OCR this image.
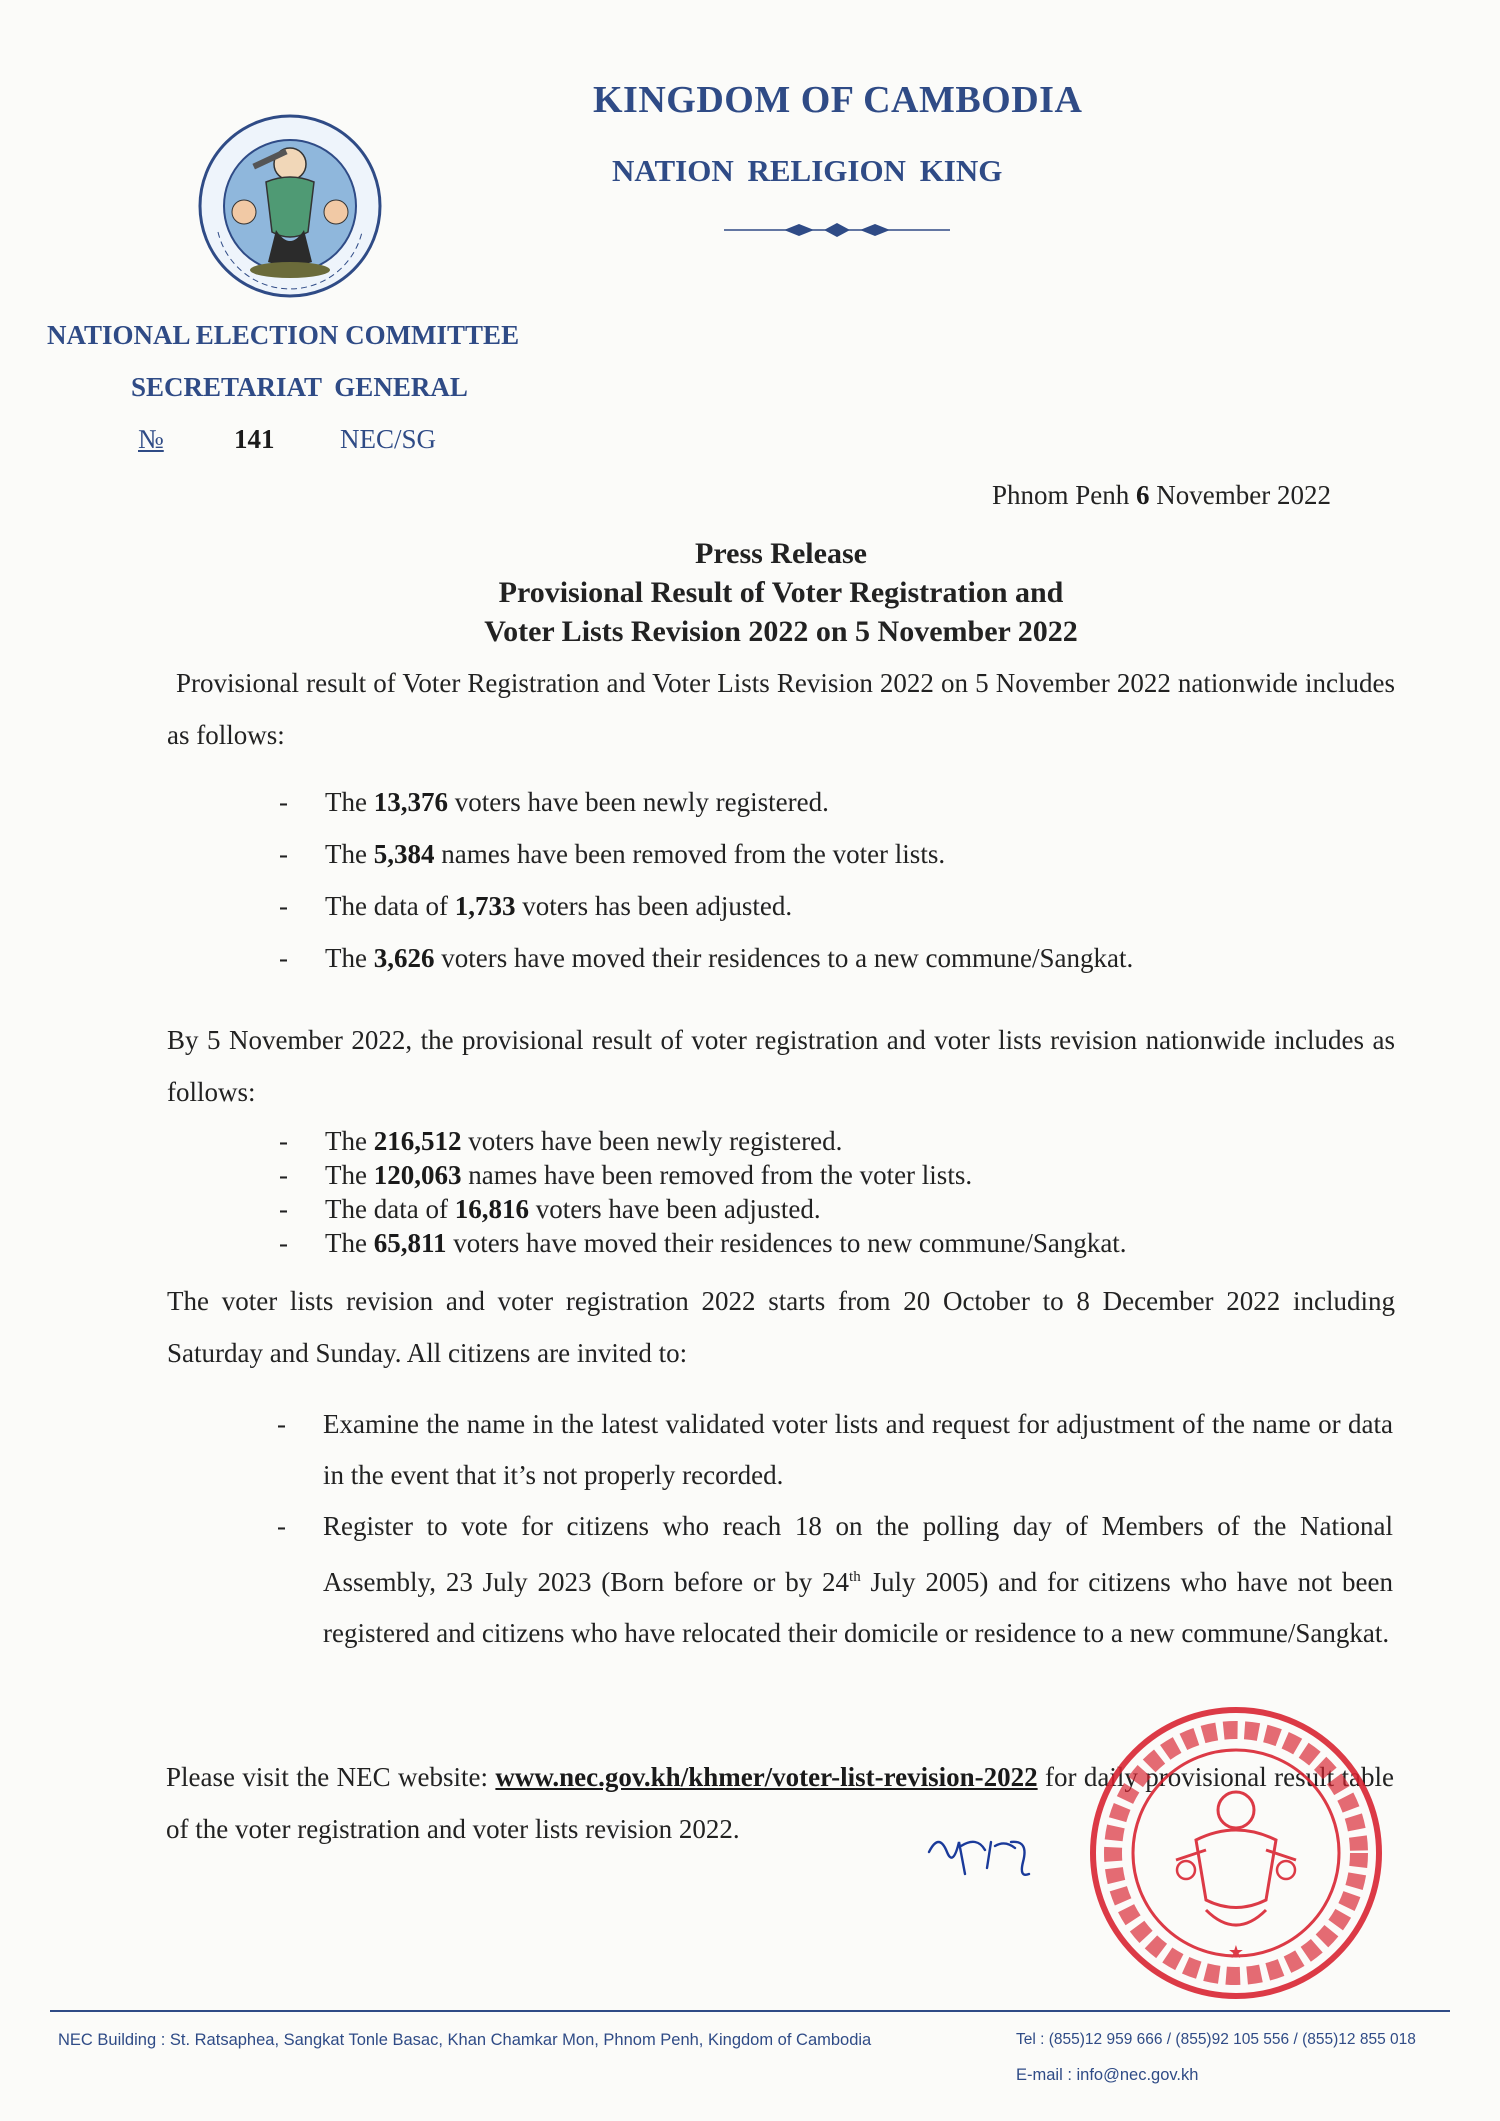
KINGDOM OF CAMBODIA
NATION RELIGION KING
NATIONAL ELECTION COMMITTEE
SECRETARIAT GENERAL
№	141 NEC/SG
Phnom Penh 6 November 2022
Press Release
Provisional Result of Voter Registration and
Voter Lists Revision 2022 on 5 November 2022
Provisional result of Voter Registration and Voter Lists Revision 2022 on 5 November 2022 nationwide includes as follows:
- The 13,376 voters have been newly registered.
- The 5,384 names have been removed from the voter lists.
- The data of 1,733 voters has been adjusted.
- The 3,626 voters have moved their residences to a new commune/Sangkat.
By 5 November 2022, the provisional result of voter registration and voter lists revision nationwide includes as follows:
- The 216,512 voters have been newly registered.
- The 120,063 names have been removed from the voter lists.
- The data of 16,816 voters have been adjusted.
- The 65,811 voters have moved their residences to new commune/Sangkat.
The voter lists revision and voter registration 2022 starts from 20 October to 8 December 2022 including Saturday and Sunday. All citizens are invited to:
- Examine the name in the latest validated voter lists and request for adjustment of the name or data in the event that it’s not properly recorded.
- Register to vote for citizens who reach 18 on the polling day of Members of the National Assembly, 23 July 2023 (Born before or by 24th July 2005) and for citizens who have not been registered and citizens who have relocated their domicile or residence to a new commune/Sangkat.
Please visit the NEC website: www.nec.gov.kh/khmer/voter-list-revision-2022 for daily provisional result table of the voter registration and voter lists revision 2022.
★
NEC Building : St. Ratsaphea, Sangkat Tonle Basac, Khan Chamkar Mon, Phnom Penh, Kingdom of Cambodia	Tel : (855)12 959 666 / (855)92 105 556 / (855)12 855 018
E-mail : info@nec.gov.kh
